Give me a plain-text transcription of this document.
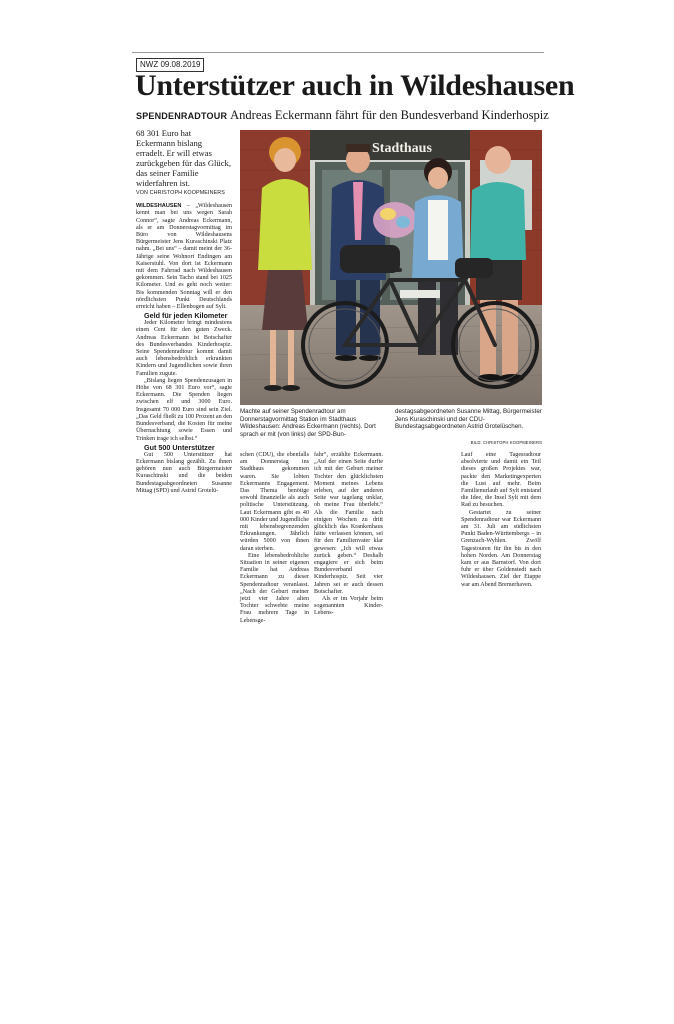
NWZ 09.08.2019
Unterstützer auch in Wildeshausen
SPENDENRADTOUR Andreas Eckermann fährt für den Bundesverband Kinderhospiz

68 301 Euro hat Eckermann bislang erradelt. Er will etwas zurückgeben für das Glück, das seiner Familie widerfahren ist.

VON CHRISTOPH KOOPMEINERS

WILDESHAUSEN – „Wildeshausen kennt man bei uns wegen Sarah Connor“, sagte Andreas Eckermann, als er am Donnerstagvormittag im Büro von Wildeshausens Bürgermeister Jens Kuraschinski Platz nahm. „Bei uns“ – damit meint der 36-Jährige seine Wohnort Endingen am Kaiserstuhl. Von dort ist Eckermann mit dem Fahrrad nach Wildeshausen gekommen. Sein Tacho stand bei 1025 Kilometer. Und es geht noch weiter: Bis kommenden Sonntag will er den nördlichsten Punkt Deutschlands erreicht haben – Ellenbogen auf Sylt.

Geld für jeden Kilometer

Jeder Kilometer bringt mindestens einen Cent für den guten Zweck. Andreas Eckermann ist Botschafter des Bundesverbandes Kinderhospiz. Seine Spendenradtour kommt damit auch lebensbedrohlich erkrankten Kindern und Jugendlichen sowie ihren Familien zugute.

„Bislang liegen Spendenzusagen in Höhe von 68 301 Euro vor“, sagte Eckermann. Die Spenden liegen zwischen elf und 3000 Euro. Insgesamt 70 000 Euro sind sein Ziel. „Das Geld fließt zu 100 Prozent an den Bundesverband, die Kosten für meine Übernachtung sowie Essen und Trinken trage ich selbst.“

Gut 500 Unterstützer

Gut 500 Unterstützer hat Eckermann bislang gezählt. Zu ihnen gehören nun auch Bürgermeister Kuraschinski und die beiden Bundestagsabgeordneten Susanne Mittag (SPD) und Astrid Grotelü-

Stadthaus
Machte auf seiner Spendenradtour am Donnerstagvormittag Station im Stadthaus Wildeshausen: Andreas Eckermann (rechts). Dort sprach er mit (von links) der SPD-Bun-
destagsabgeordneten Susanne Mittag, Bürgermeister Jens Kuraschinski und der CDU-Bundestagsabgeordneten Astrid Grotelüschen.
BILD: CHRISTOPH KOOPMEINERS

schen (CDU), die ebenfalls am Donnerstag ins Stadthaus gekommen waren. Sie lobten Eckermanns Engagement. Das Thema benötige sowohl finanzielle als auch politische Unterstützung. Laut Eckermann gibt es 40 000 Kinder und Jugendliche mit lebensbegrenzenden Erkrankungen. Jährlich würden 5000 von ihnen daran sterben.

Eine lebensbedrohliche Situation in seiner eigenen Familie hat Andreas Eckermann zu dieser Spendenradtour veranlasst. „Nach der Geburt meiner jetzt vier Jahre alten Tochter schwebte meine Frau mehrere Tage in Lebensge-

fahr“, erzählte Eckermann. „Auf der einen Seite durfte ich mit der Geburt meiner Tochter den glücklichsten Moment meines Lebens erleben, auf der anderen Seite war tagelang unklar, ob meine Frau überlebt.“ Als die Familie nach einigen Wochen zu dritt glücklich das Krankenhaus hätte verlassen können, sei für den Familienvater klar gewesen: „Ich will etwas zurück geben.“ Deshalb engagiere er sich beim Bundesverband Kinderhospiz. Seit vier Jahren sei er auch dessen Botschafter.

Als er im Vorjahr beim sogenannten Kinder-Lebens-

Lauf eine Tagesradtour absolvierte und damit ein Teil dieses großen Projektes war, packte den Marketingexperten die Lust auf mehr. Beim Familienurlaub auf Sylt entstand die Idee, die Insel Sylt mit dem Rad zu besuchen.

Gestartet zu seiner Spendenradtour war Eckermann am 31. Juli am südlichsten Punkt Baden-Württembergs – in Grenzach-Wyhlen. Zwölf Tagestouren für ihn bis in den hohen Norden. Am Donnerstag kam er aus Barnstorf. Von dort fuhr er über Goldenstedt nach Wildeshausen. Ziel der Etappe war am Abend Bremerhaven.
